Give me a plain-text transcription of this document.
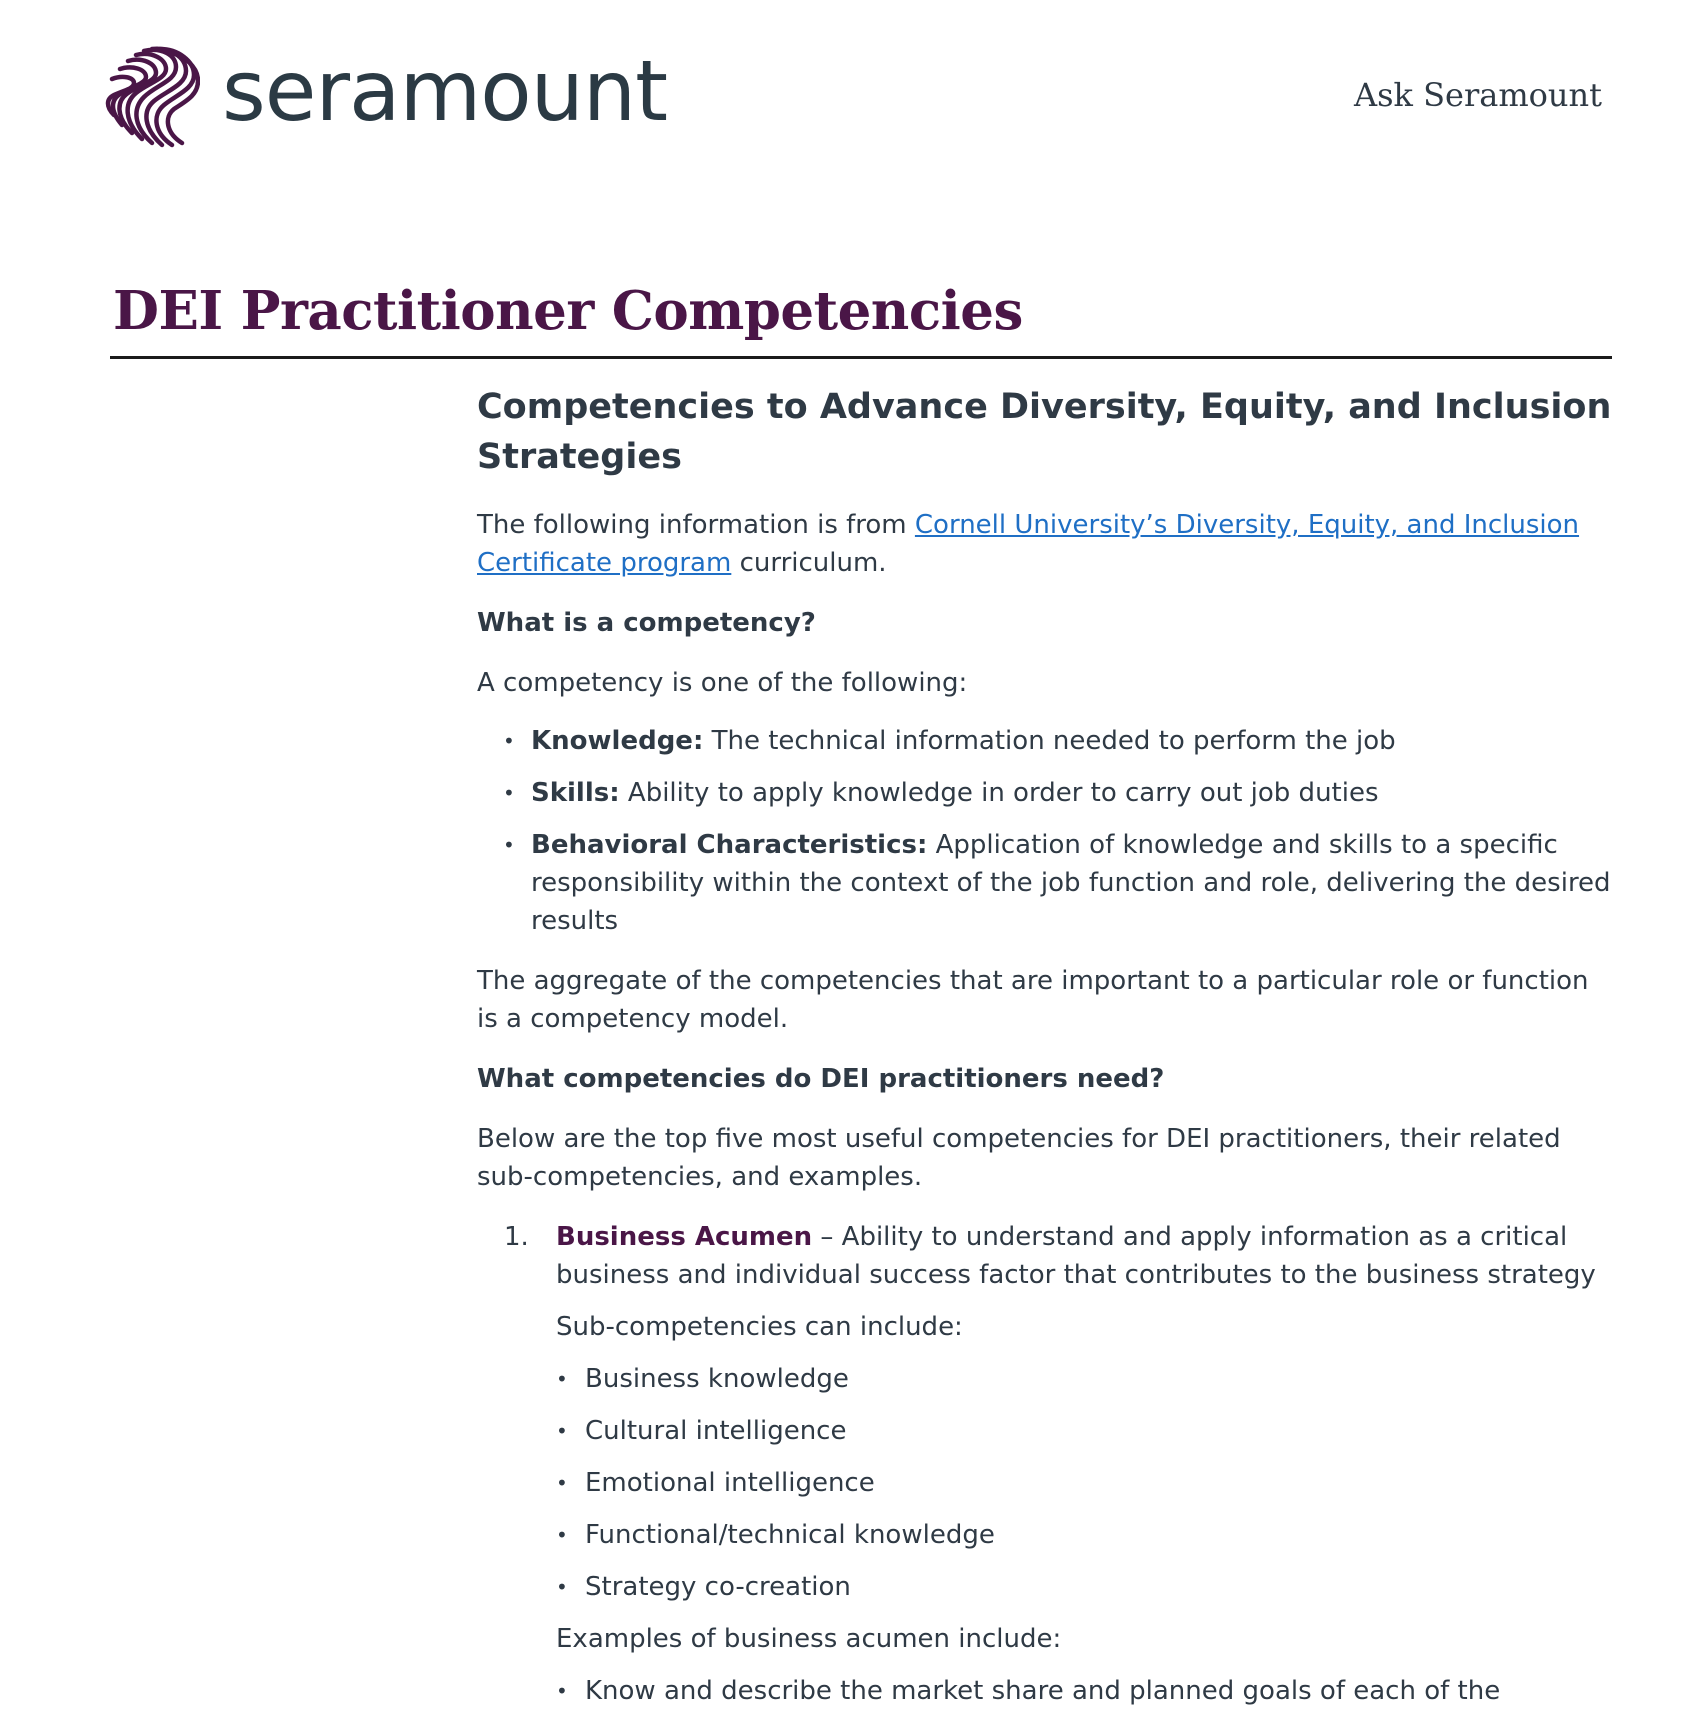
seramount	Ask Seramount
DEI Practitioner Competencies
Competencies to Advance Diversity, Equity, and Inclusion Strategies

The following information is from Cornell University’s Diversity, Equity, and Inclusion Certificate program curriculum.

What is a competency?

A competency is one of the following:

• Knowledge: The technical information needed to perform the job
• Skills: Ability to apply knowledge in order to carry out job duties
• Behavioral Characteristics: Application of knowledge and skills to a specific responsibility within the context of the job function and role, delivering the desired results

The aggregate of the competencies that are important to a particular role or function is a competency model.

What competencies do DEI practitioners need?

Below are the top five most useful competencies for DEI practitioners, their related sub-competencies, and examples.

1. Business Acumen – Ability to understand and apply information as a critical business and individual success factor that contributes to the business strategy
Sub-competencies can include:
• Business knowledge
• Cultural intelligence
• Emotional intelligence
• Functional/technical knowledge
• Strategy co-creation
Examples of business acumen include:
• Know and describe the market share and planned goals of each of the
